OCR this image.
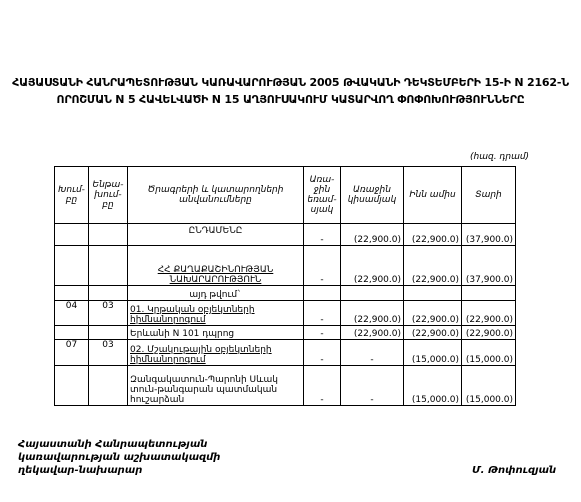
ՀԱՅԱՍՏԱՆԻ ՀԱՆՐԱՊԵՏՈՒԹՅԱՆ ԿԱՌԱՎԱՐՈՒԹՅԱՆ 2005 ԹՎԱԿԱՆԻ ԴԵԿՏԵՄԲԵՐԻ 15-Ի N 2162-Ն
ՈՐՈՇՄԱՆ N 5 ՀԱՎԵԼՎԱԾԻ N 15 ԱՂՅՈՒՍԱԿՈՒՄ ԿԱՏԱՐՎՈՂ ՓՈՓՈԽՈՒԹՅՈՒՆՆԵՐԸ
(հազ. դրամ)
Խում-բը	Ենթա-խում-բը	Ծրագրերի և կատարողների անվանումները	Առա-ջին եռամ-սյակ	Առաջին կիսամյակ	Ինն ամիս	Տարի
		ԸՆԴԱՄԵՆԸ	-	(22,900.0)	(22,900.0)	(37,900.0)
		ՀՀ ՔԱՂԱՔԱՇԻՆՈՒԹՅԱՆ ՆԱԽԱՐԱՐՈՒԹՅՈՒՆ	-	(22,900.0)	(22,900.0)	(37,900.0)
		այդ թվում`				
04	03	01. Կրթական օբյեկտների հիմնանորոգում	-	(22,900.0)	(22,900.0)	(22,900.0)
		Երևանի N 101 դպրոց	-	(22,900.0)	(22,900.0)	(22,900.0)
07	03	02. Մշակութային օբյեկտների հիմնանորոգում	-	-	(15,000.0)	(15,000.0)
		Զանգակատուն-Պարոնի Սևակ տուն-թանգարան պատմական հուշարձան	-	-	(15,000.0)	(15,000.0)
Հայաստանի Հանրապետության
կառավարության աշխատակազմի
ղեկավար-նախարար	Մ. Թոփուզյան
